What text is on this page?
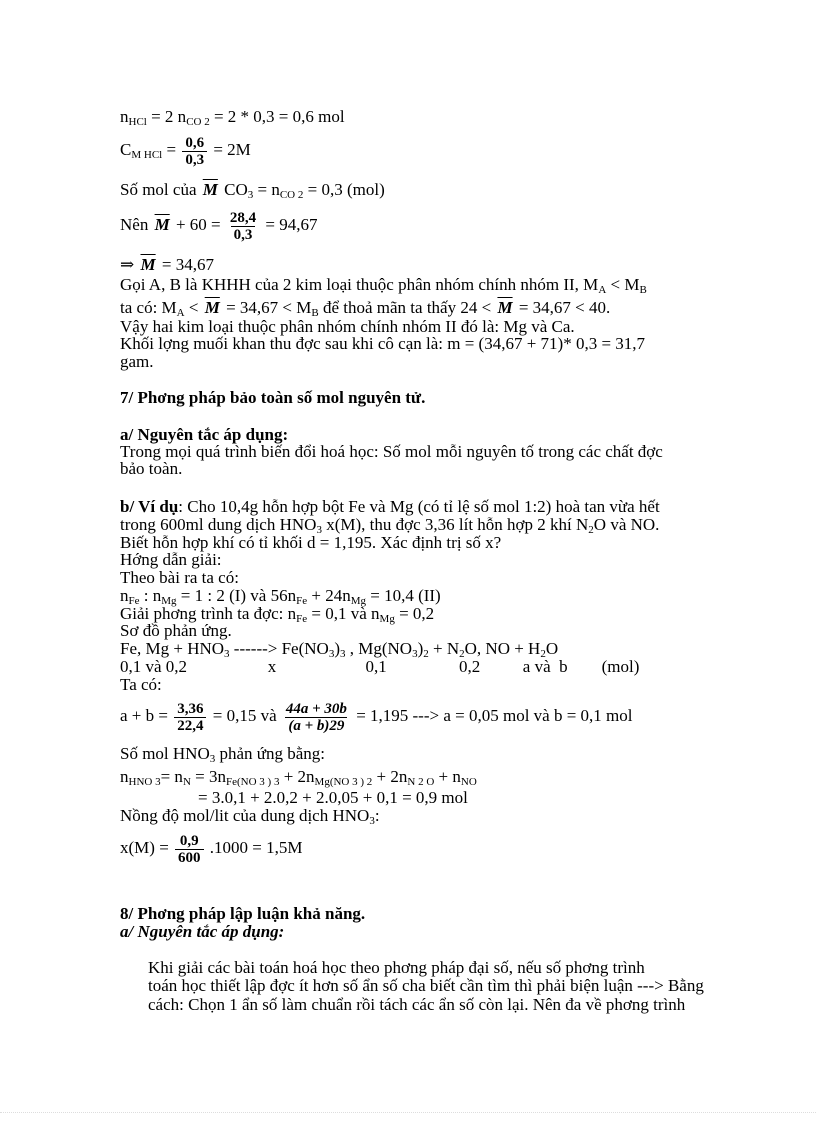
$n_{HCl} = 2$ $n_{CO 2} = 2 * 0,3 = 0,6$ mol
$C_{M HCl} = \frac{0,6}{0,3} = 2M$
Số mol của $\overline{M}$ $CO_3 = n_{CO 2} = 0,3$ (mol)
Nên $\overline{M} + 60 = \frac{28,4}{0,3} = 94,67$
⇒ $\overline{M} = 34,67$
Gọi A, B là KHHH của 2 kim loại thuộc phân nhóm chính nhóm II, $M_A < M_B$
ta có: $M_A < \overline{M} = 34,67 < M_B$ để thoả mãn ta thấy $24 < \overline{M} = 34,67 < 40$.
Vậy hai kim loại thuộc phân nhóm chính nhóm II đó là: Mg và Ca.
Khối lợng muối khan thu đợc sau khi cô cạn là: m = (34,67 + 71)* 0,3 = 31,7
gam.
7/ Phơng pháp bảo toàn số mol nguyên tử.
a/ Nguyên tắc áp dụng:
Trong mọi quá trình biến đổi hoá học: Số mol mỗi nguyên tố trong các chất đợc
bảo toàn.
b/ Ví dụ: Cho 10,4g hỗn hợp bột Fe và Mg (có tỉ lệ số mol 1:2) hoà tan vừa hết
trong 600ml dung dịch $HNO_3$ x(M), thu đợc 3,36 lít hỗn hợp 2 khí $N_2O$ và NO.
Biết hỗn hợp khí có tỉ khối d = 1,195. Xác định trị số x?
Hớng dẫn giải:
Theo bài ra ta có:
$n_{Fe}$ : $n_{Mg} = 1$ : 2 (I) và $56n_{Fe} + 24n_{Mg} = 10,4$ (II)
Giải phơng trình ta đợc: $n_{Fe} = 0,1$ và $n_{Mg} = 0,2$
Sơ đồ phản ứng.
Fe, $Mg + HNO_3$ ------> $Fe(NO_3)_3$ , $Mg(NO_3)_2 + N_2O$, NO + $H_2O$
0,1 và 0,2                   x                     0,1                 0,2          a và  b        (mol)
Ta có:
$a + b = \frac{3,36}{22,4} = 0,15$ và $\frac{44a + 30b}{(a + b)29} = 1,195$ ---> a = 0,05 mol và b = 0,1 mol
Số mol $HNO_3$ phản ứng bằng:
$n_{HNO 3}= n_N = 3n_{Fe(NO 3 ) 3} + 2n_{Mg(NO 3 ) 2} + 2n_{N 2 O} + n_{NO}$
= 3.0,1 + 2.0,2 + 2.0,05 + 0,1 = 0,9 mol
Nồng độ mol/lit của dung dịch $HNO_3$:
$x(M) = \frac{0,9}{600} .1000 = 1,5M$
8/ Phơng pháp lập luận khả năng.
a/ Nguyên tắc áp dụng:
Khi giải các bài toán hoá học theo phơng pháp đại số, nếu số phơng trình
toán học thiết lập đợc ít hơn số ẩn số cha biết cần tìm thì phải biện luận ---> Bằng
cách: Chọn 1 ẩn số làm chuẩn rồi tách các ẩn số còn lại. Nên đa về phơng trình
